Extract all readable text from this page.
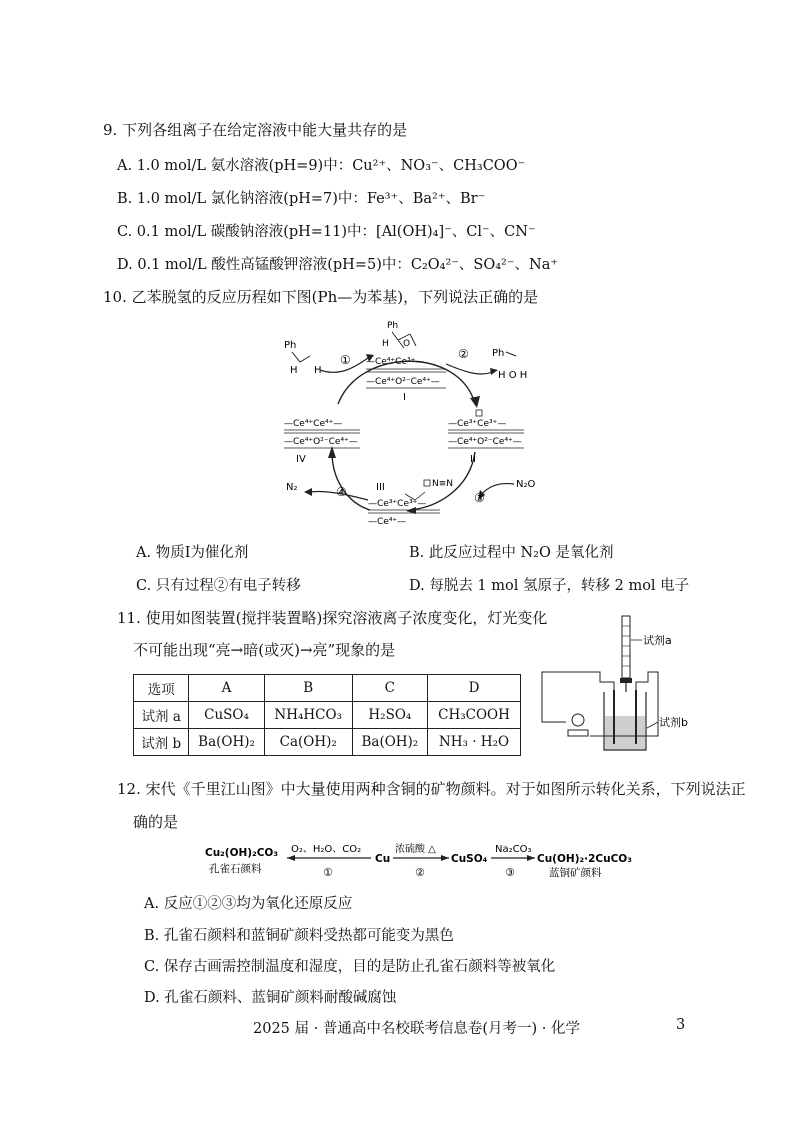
9. 下列各组离子在给定溶液中能大量共存的是
A. 1.0 mol/L 氨水溶液(pH=9)中：Cu²⁺、NO₃⁻、CH₃COO⁻
B. 1.0 mol/L 氯化钠溶液(pH=7)中：Fe³⁺、Ba²⁺、Br⁻
C. 0.1 mol/L 碳酸钠溶液(pH=11)中：[Al(OH)₄]⁻、Cl⁻、CN⁻
D. 0.1 mol/L 酸性高锰酸钾溶液(pH=5)中：C₂O₄²⁻、SO₄²⁻、Na⁺
10. 乙苯脱氢的反应历程如下图(Ph—为苯基)，下列说法正确的是
Ph
H H
①
Ph
H O
—Ce⁴⁺Ce³⁺—
—Ce⁴⁺O²⁻Ce⁴⁺—
I
② Ph
H O H
—Ce³⁺Ce³⁺—
—Ce⁴⁺O²⁻Ce⁴⁺—
II
N₂O
③
N≡N
III
—Ce³⁺Ce³⁺—
—Ce⁴⁺—
④
N₂
—Ce⁴⁺Ce⁴⁺—
—Ce⁴⁺O²⁻Ce⁴⁺—
IV
A. 物质Ⅰ为催化剂	B. 此反应过程中 N₂O 是氧化剂
C. 只有过程②有电子转移	D. 每脱去 1 mol 氢原子，转移 2 mol 电子
11. 使用如图装置(搅拌装置略)探究溶液离子浓度变化，灯光变化
不可能出现“亮→暗(或灭)→亮”现象的是
选项	A	B	C	D
试剂 a	CuSO₄	NH₄HCO₃	H₂SO₄	CH₃COOH
试剂 b	Ba(OH)₂	Ca(OH)₂	Ba(OH)₂	NH₃ · H₂O
试剂a
试剂b
12. 宋代《千里江山图》中大量使用两种含铜的矿物颜料。对于如图所示转化关系，下列说法正
确的是
Cu₂(OH)₂CO₃
孔雀石颜料
O₂、H₂O、CO₂
①
Cu
浓硫酸 △
②
CuSO₄
Na₂CO₃
③
Cu(OH)₂·2CuCO₃
蓝铜矿颜料
A. 反应①②③均为氧化还原反应
B. 孔雀石颜料和蓝铜矿颜料受热都可能变为黑色
C. 保存古画需控制温度和湿度，目的是防止孔雀石颜料等被氧化
D. 孔雀石颜料、蓝铜矿颜料耐酸碱腐蚀
2025 届 · 普通高中名校联考信息卷(月考一) · 化学	3
